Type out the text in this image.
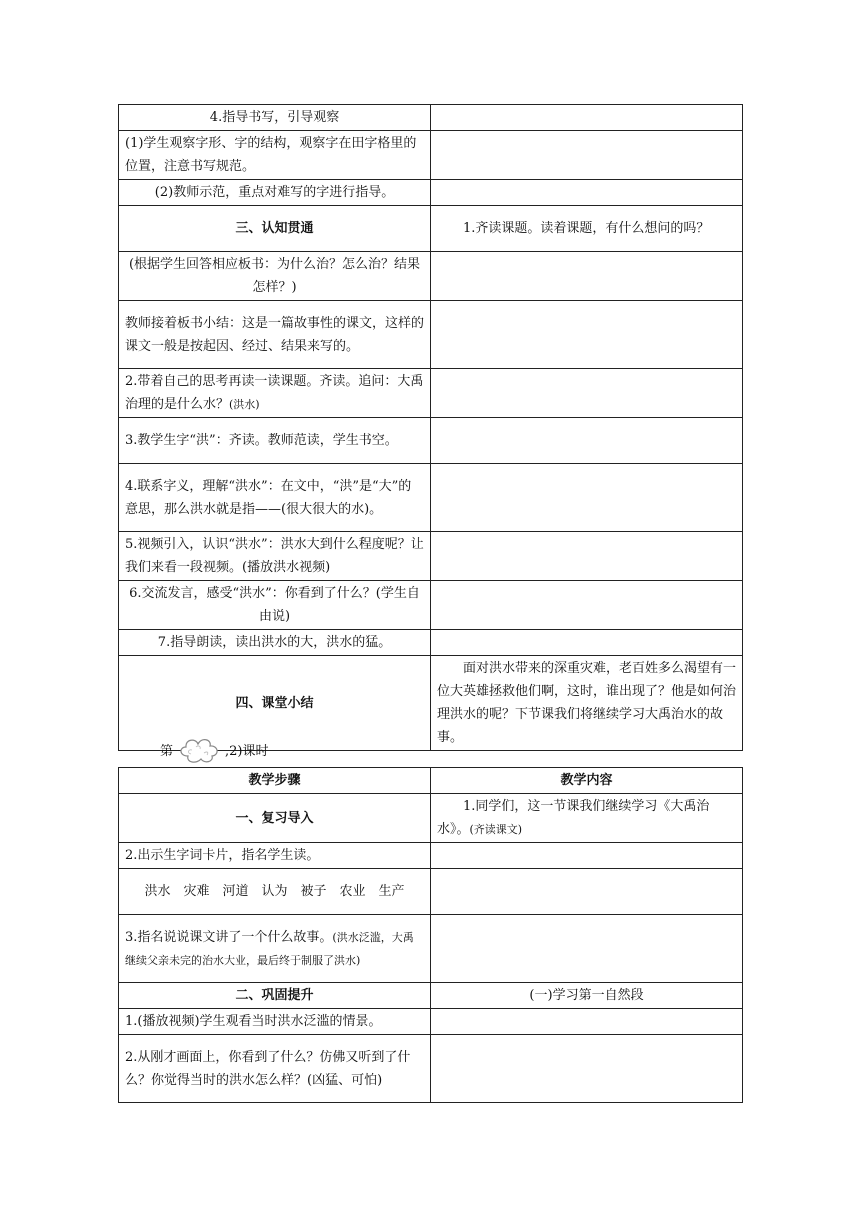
4.指导书写，引导观察	
(1)学生观察字形、字的结构，观察字在田字格里的位置，注意书写规范。	
(2)教师示范，重点对难写的字进行指导。	
三、认知贯通	1.齐读课题。读着课题，有什么想问的吗？
(根据学生回答相应板书：为什么治？怎么治？结果怎样？)	
教师接着板书小结：这是一篇故事性的课文，这样的课文一般是按起因、经过、结果来写的。	
2.带着自己的思考再读一读课题。齐读。追问：大禹治理的是什么水？(洪水)	
3.教学生字“洪”：齐读。教师范读，学生书空。	
4.联系字义，理解“洪水”：在文中，“洪”是“大”的意思，那么洪水就是指——(很大很大的水)。	
5.视频引入，认识“洪水”：洪水大到什么程度呢？让我们来看一段视频。(播放洪水视频)	
6.交流发言，感受“洪水”：你看到了什么？(学生自由说)	
7.指导朗读，读出洪水的大，洪水的猛。	
四、课堂小结	面对洪水带来的深重灾难，老百姓多么渴望有一位大英雄拯救他们啊，这时，谁出现了？他是如何治理洪水的呢？下节课我们将继续学习大禹治水的故事。
第	,2)课时
教学步骤	教学内容
一、复习导入	1.同学们，这一节课我们继续学习《大禹治水》。(齐读课文)
2.出示生字词卡片，指名学生读。	
洪水　灾难　河道　认为　被子　农业　生产	
3.指名说说课文讲了一个什么故事。(洪水泛滥，大禹继续父亲未完的治水大业，最后终于制服了洪水)	
二、巩固提升	(一)学习第一自然段
1.(播放视频)学生观看当时洪水泛滥的情景。	
2.从刚才画面上，你看到了什么？仿佛又听到了什么？你觉得当时的洪水怎么样？(凶猛、可怕)	
